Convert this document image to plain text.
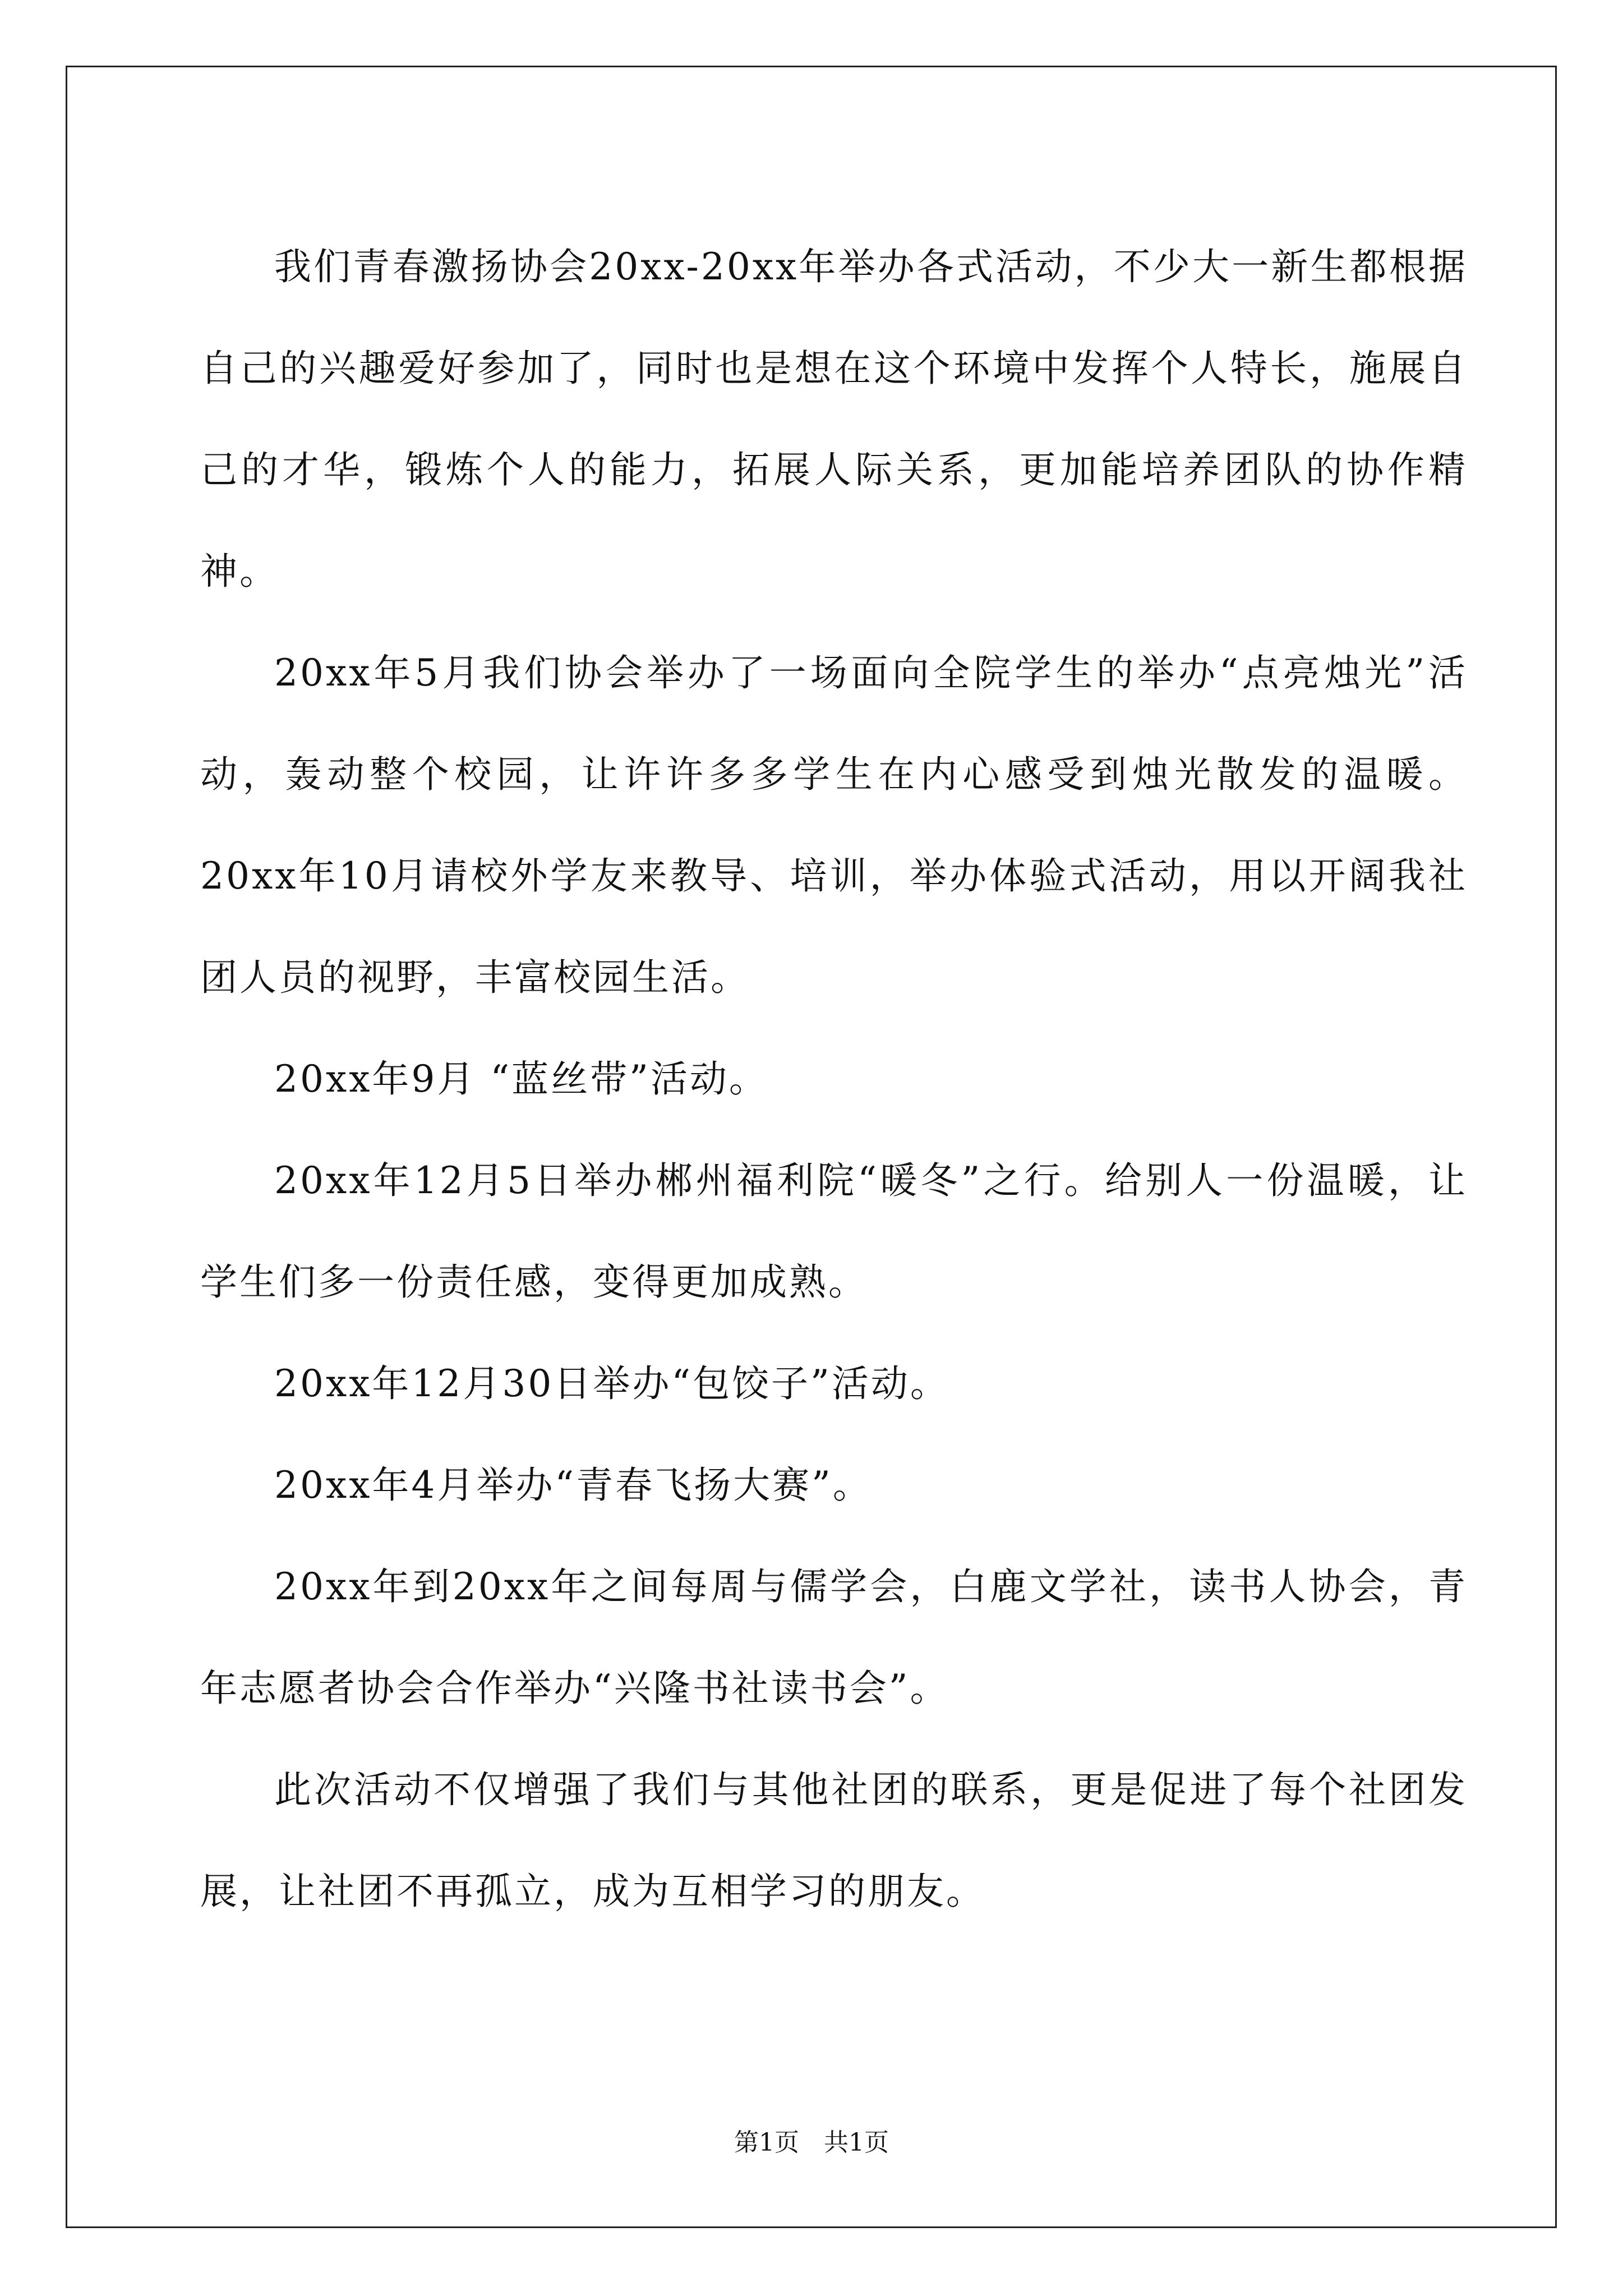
我们青春激扬协会20xx-20xx年举办各式活动，不少大一新生都根据自己的兴趣爱好参加了，同时也是想在这个环境中发挥个人特长，施展自己的才华，锻炼个人的能力，拓展人际关系，更加能培养团队的协作精神。

20xx年5月我们协会举办了一场面向全院学生的举办“点亮烛光”活动，轰动整个校园，让许许多多学生在内心感受到烛光散发的温暖。20xx年10月请校外学友来教导、培训，举办体验式活动，用以开阔我社团人员的视野，丰富校园生活。

20xx年9月 “蓝丝带”活动。

20xx年12月5日举办郴州福利院“暖冬”之行。给别人一份温暖，让学生们多一份责任感，变得更加成熟。

20xx年12月30日举办“包饺子”活动。

20xx年4月举办“青春飞扬大赛”。

20xx年到20xx年之间每周与儒学会，白鹿文学社，读书人协会，青年志愿者协会合作举办“兴隆书社读书会”。

此次活动不仅增强了我们与其他社团的联系，更是促进了每个社团发展，让社团不再孤立，成为互相学习的朋友。

第1页　共1页
